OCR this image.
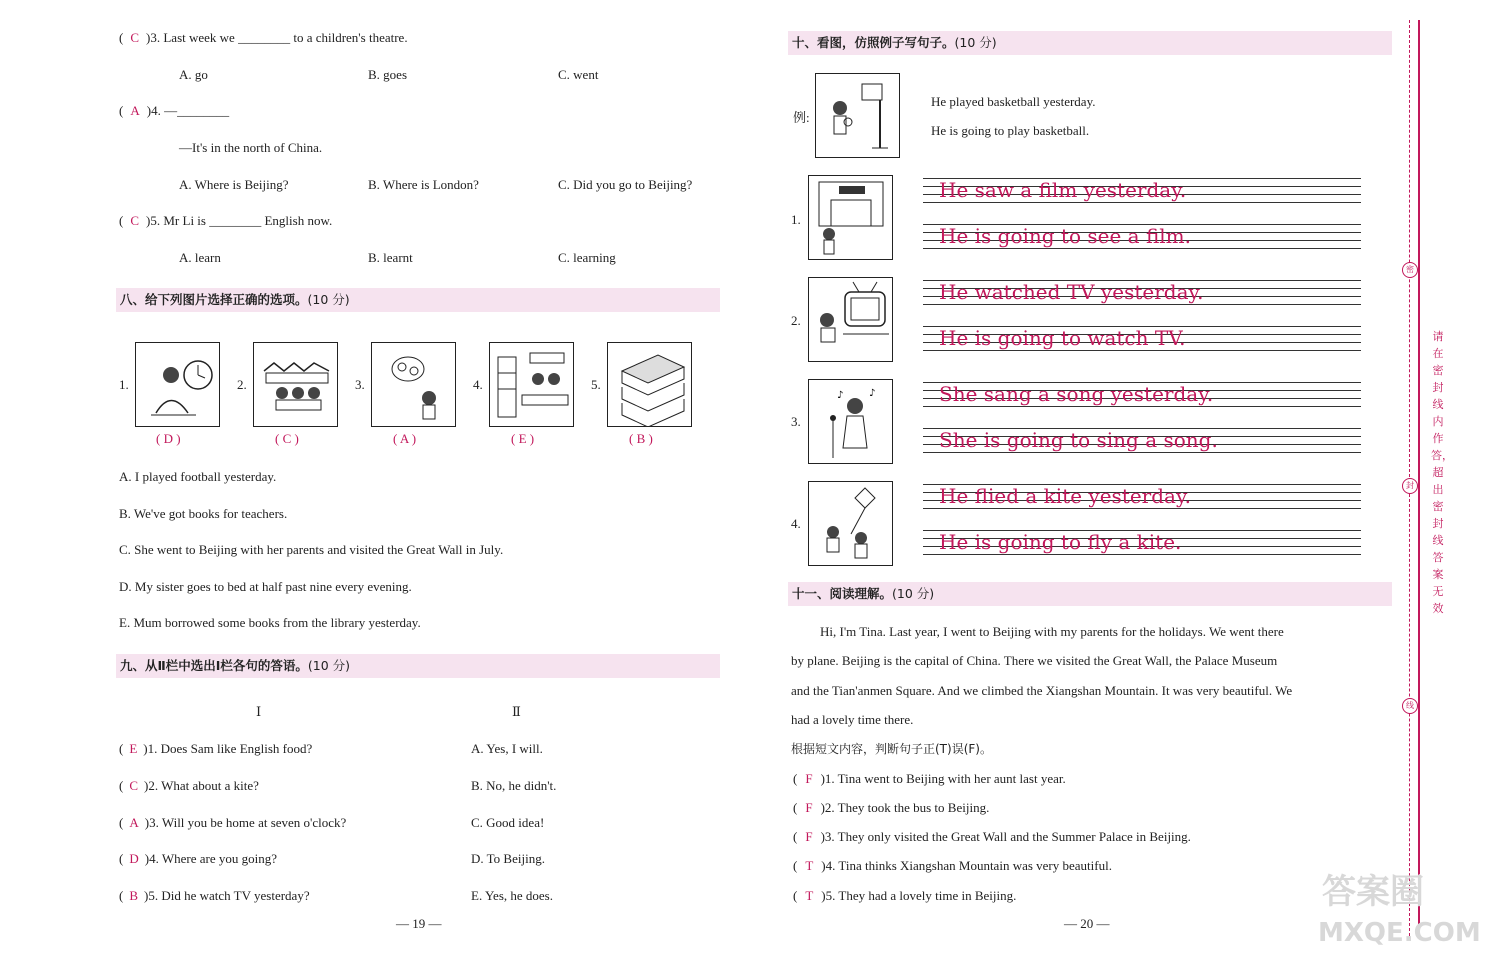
( C )3. Last week we ________ to a children's theatre.
A. go	B. goes	C. went
( A )4. —________
—It's in the north of China.
A. Where is Beijing?	B. Where is London?	C. Did you go to Beijing?
( C )5. Mr Li is ________ English now.
A. learn	B. learnt	C. learning
八、给下列图片选择正确的选项。(10 分)
1.
( D )
2.
( C )
3.
( A )
4.
( E )
5.
( B )
A. I played football yesterday.
B. We've got books for teachers.
C. She went to Beijing with her parents and visited the Great Wall in July.
D. My sister goes to bed at half past nine every evening.
E. Mum borrowed some books from the library yesterday.
九、从Ⅱ栏中选出Ⅰ栏各句的答语。(10 分)
Ⅰ	Ⅱ
( E )1. Does Sam like English food?	A. Yes, I will.
( C )2. What about a kite?	B. No, he didn't.
( A )3. Will you be home at seven o'clock?	C. Good idea!
( D )4. Where are you going?	D. To Beijing.
( B )5. Did he watch TV yesterday?	E. Yes, he does.
— 19 —
十、看图，仿照例子写句子。(10 分)
例:
He played basketball yesterday.
He is going to play basketball.
1.
He saw a film yesterday.
He is going to see a film.
2.
He watched TV yesterday.
He is going to watch TV.
3.
♪	♪	She sang a song yesterday.
She is going to sing a song.
4.
He flied a kite yesterday.
He is going to fly a kite.
十一、阅读理解。(10 分)
Hi, I'm Tina. Last year, I went to Beijing with my parents for the holidays. We went there
by plane. Beijing is the capital of China. There we visited the Great Wall, the Palace Museum
and the Tian'anmen Square. And we climbed the Xiangshan Mountain. It was very beautiful. We
had a lovely time there.
根据短文内容，判断句子正(T)误(F)。
( F )1. Tina went to Beijing with her aunt last year.
( F )2. They took the bus to Beijing.
( F )3. They only visited the Great Wall and the Summer Palace in Beijing.
( T )4. Tina thinks Xiangshan Mountain was very beautiful.
( T )5. They had a lovely time in Beijing.
— 20 —
密
封
线
请在密封线内作答，超出密封线答案无效
答案圈
MXQE.COM
